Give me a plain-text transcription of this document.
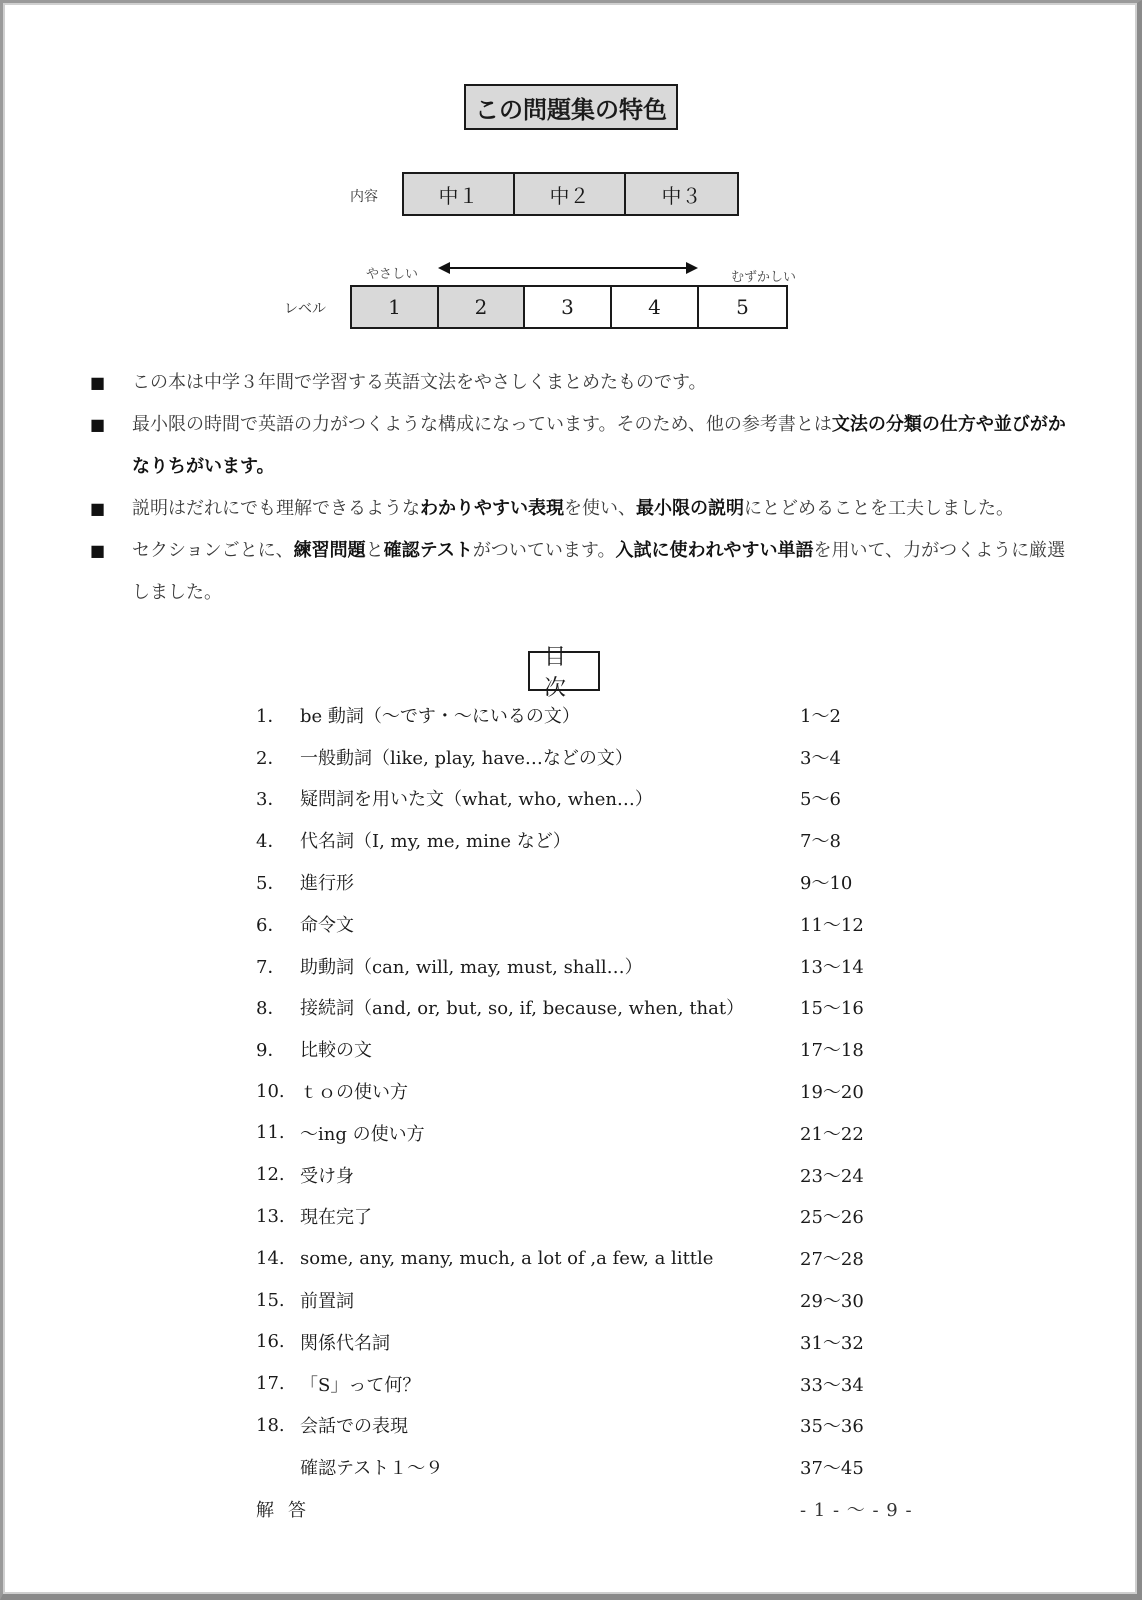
この問題集の特色
内容	中１	中２	中３
やさしい	むずかしい
レベル	1	2	3	4	5
■	この本は中学３年間で学習する英語文法をやさしくまとめたものです。
■	最小限の時間で英語の力がつくような構成になっています。そのため、他の参考書とは文法の分類の仕方や並びがかなりちがいます。
■	説明はだれにでも理解できるようなわかりやすい表現を使い、最小限の説明にとどめることを工夫しました。
■	セクションごとに、練習問題と確認テストがついています。入試に使われやすい単語を用いて、力がつくように厳選しました。
目次
1． be 動詞（～です・～にいるの文）	1～2
2． 一般動詞（like, play, have…などの文）	3～4
3． 疑問詞を用いた文（what, who, when…）	5～6
4． 代名詞（I, my, me, mine など）	7～8
5． 進行形	9～10
6． 命令文	11～12
7． 助動詞（can, will, may, must, shall…）	13～14
8． 接続詞（and, or, but, so, if, because, when, that）	15～16
9． 比較の文	17～18
10. ｔｏの使い方	19～20
11. ～ing の使い方	21～22
12. 受け身	23～24
13. 現在完了	25～26
14. some, any, many, much, a lot of ,a few, a little	27～28
15. 前置詞	29～30
16. 関係代名詞	31～32
17. 「S」って何？	33～34
18. 会話での表現	35～36
確認テスト１～９	37～45
解答	- 1 - ～ - 9 -
